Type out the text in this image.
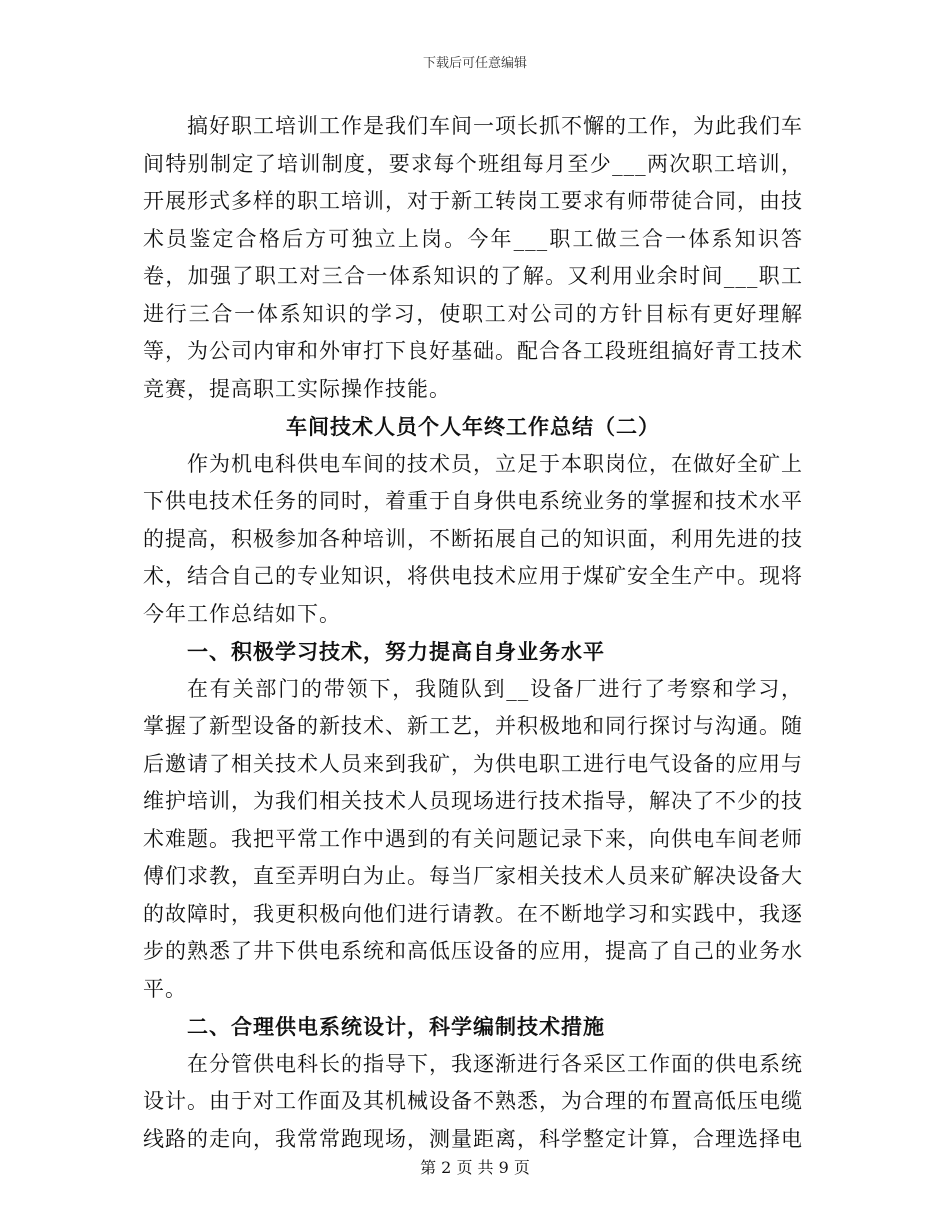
下载后可任意编辑

搞好职工培训工作是我们车间一项长抓不懈的工作，为此我们车间特别制定了培训制度，要求每个班组每月至少___两次职工培训，开展形式多样的职工培训，对于新工转岗工要求有师带徒合同，由技术员鉴定合格后方可独立上岗。今年___职工做三合一体系知识答卷，加强了职工对三合一体系知识的了解。又利用业余时间___职工进行三合一体系知识的学习，使职工对公司的方针目标有更好理解等，为公司内审和外审打下良好基础。配合各工段班组搞好青工技术竞赛，提高职工实际操作技能。

车间技术人员个人年终工作总结（二）

作为机电科供电车间的技术员，立足于本职岗位，在做好全矿上下供电技术任务的同时，着重于自身供电系统业务的掌握和技术水平的提高，积极参加各种培训，不断拓展自己的知识面，利用先进的技术，结合自己的专业知识，将供电技术应用于煤矿安全生产中。现将今年工作总结如下。

一、积极学习技术，努力提高自身业务水平

在有关部门的带领下，我随队到__设备厂进行了考察和学习，掌握了新型设备的新技术、新工艺，并积极地和同行探讨与沟通。随后邀请了相关技术人员来到我矿，为供电职工进行电气设备的应用与维护培训，为我们相关技术人员现场进行技术指导，解决了不少的技术难题。我把平常工作中遇到的有关问题记录下来，向供电车间老师傅们求教，直至弄明白为止。每当厂家相关技术人员来矿解决设备大的故障时，我更积极向他们进行请教。在不断地学习和实践中，我逐步的熟悉了井下供电系统和高低压设备的应用，提高了自己的业务水平。

二、合理供电系统设计，科学编制技术措施

在分管供电科长的指导下，我逐渐进行各采区工作面的供电系统设计。由于对工作面及其机械设备不熟悉，为合理的布置高低压电缆线路的走向，我常常跑现场，测量距离，科学整定计算，合理选择电

第 2 页 共 9 页
